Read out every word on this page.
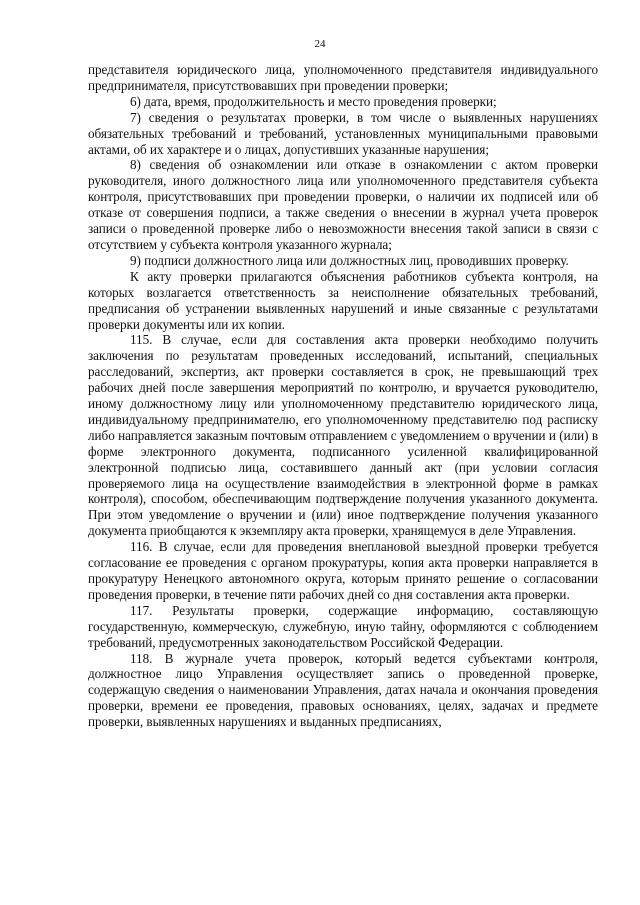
24

представителя юридического лица, уполномоченного представителя индивидуального предпринимателя, присутствовавших при проведении проверки;

6) дата, время, продолжительность и место проведения проверки;

7) сведения о результатах проверки, в том числе о выявленных нарушениях обязательных требований и требований, установленных муниципальными правовыми актами, об их характере и о лицах, допустивших указанные нарушения;

8) сведения об ознакомлении или отказе в ознакомлении с актом проверки руководителя, иного должностного лица или уполномоченного представителя субъекта контроля, присутствовавших при проведении проверки, о наличии их подписей или об отказе от совершения подписи, а также сведения о внесении в журнал учета проверок записи о проведенной проверке либо о невозможности внесения такой записи в связи с отсутствием у субъекта контроля указанного журнала;

9) подписи должностного лица или должностных лиц, проводивших проверку.

К акту проверки прилагаются объяснения работников субъекта контроля, на которых возлагается ответственность за неисполнение обязательных требований, предписания об устранении выявленных нарушений и иные связанные с результатами проверки документы или их копии.

115. В случае, если для составления акта проверки необходимо получить заключения по результатам проведенных исследований, испытаний, специальных расследований, экспертиз, акт проверки составляется в срок, не превышающий трех рабочих дней после завершения мероприятий по контролю, и вручается руководителю, иному должностному лицу или уполномоченному представителю юридического лица, индивидуальному предпринимателю, его уполномоченному представителю под расписку либо направляется заказным почтовым отправлением с уведомлением о вручении и (или) в форме электронного документа, подписанного усиленной квалифицированной электронной подписью лица, составившего данный акт (при условии согласия проверяемого лица на осуществление взаимодействия в электронной форме в рамках контроля), способом, обеспечивающим подтверждение получения указанного документа. При этом уведомление о вручении и (или) иное подтверждение получения указанного документа приобщаются к экземпляру акта проверки, хранящемуся в деле Управления.

116. В случае, если для проведения внеплановой выездной проверки требуется согласование ее проведения с органом прокуратуры, копия акта проверки направляется в прокуратуру Ненецкого автономного округа, которым принято решение о согласовании проведения проверки, в течение пяти рабочих дней со дня составления акта проверки.

117. Результаты проверки, содержащие информацию, составляющую государственную, коммерческую, служебную, иную тайну, оформляются с соблюдением требований, предусмотренных законодательством Российской Федерации.

118. В журнале учета проверок, который ведется субъектами контроля, должностное лицо Управления осуществляет запись о проведенной проверке, содержащую сведения о наименовании Управления, датах начала и окончания проведения проверки, времени ее проведения, правовых основаниях, целях, задачах и предмете проверки, выявленных нарушениях и выданных предписаниях,
